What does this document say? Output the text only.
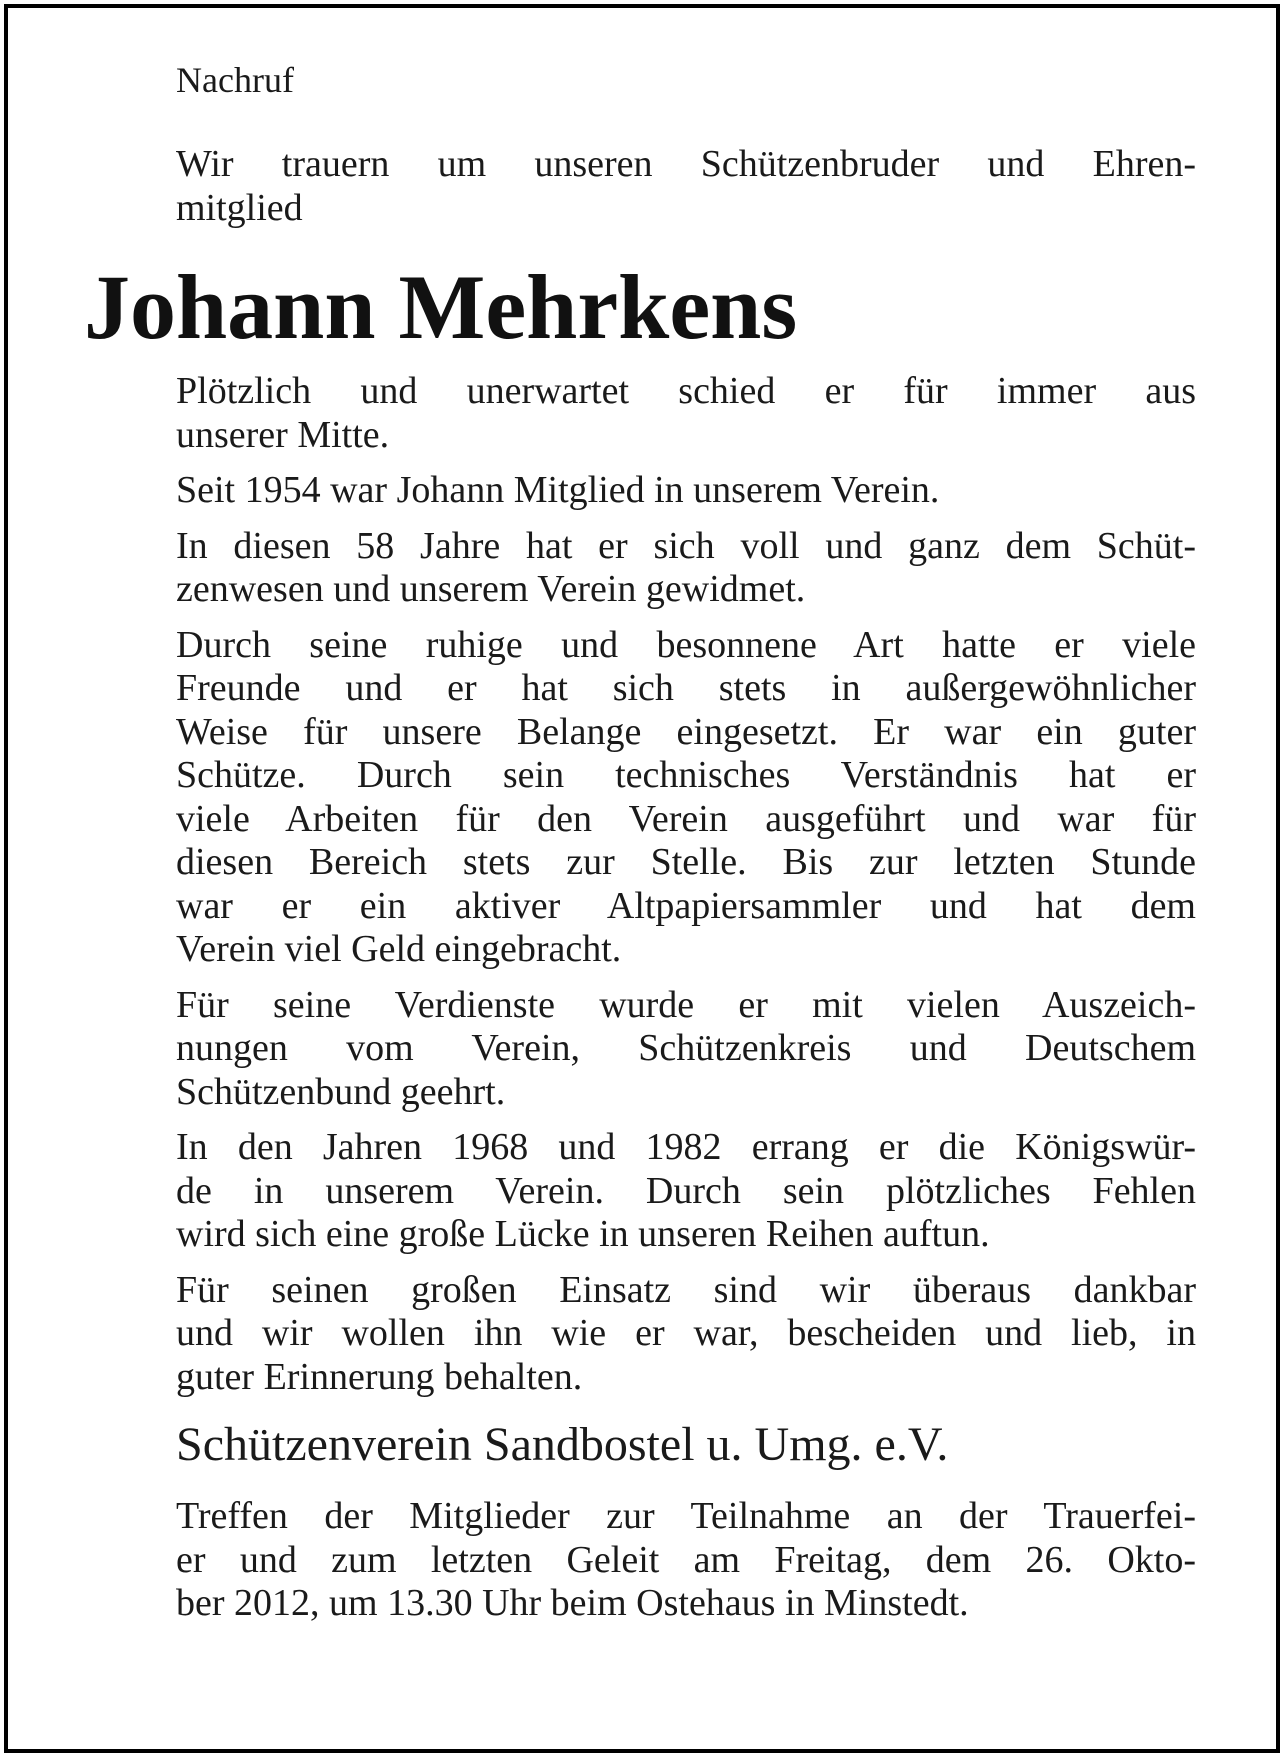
Nachruf

Wir trauern um unseren Schützenbruder und Ehren-
mitglied

Johann Mehrkens

Plötzlich und unerwartet schied er für immer aus
unserer Mitte.

Seit 1954 war Johann Mitglied in unserem Verein.

In diesen 58 Jahre hat er sich voll und ganz dem Schüt-
zenwesen und unserem Verein gewidmet.

Durch seine ruhige und besonnene Art hatte er viele
Freunde und er hat sich stets in außergewöhnlicher
Weise für unsere Belange eingesetzt. Er war ein guter
Schütze. Durch sein technisches Verständnis hat er
viele Arbeiten für den Verein ausgeführt und war für
diesen Bereich stets zur Stelle. Bis zur letzten Stunde
war er ein aktiver Altpapiersammler und hat dem
Verein viel Geld eingebracht.

Für seine Verdienste wurde er mit vielen Auszeich-
nungen vom Verein, Schützenkreis und Deutschem
Schützenbund geehrt.

In den Jahren 1968 und 1982 errang er die Königswür-
de in unserem Verein. Durch sein plötzliches Fehlen
wird sich eine große Lücke in unseren Reihen auftun.

Für seinen großen Einsatz sind wir überaus dankbar
und wir wollen ihn wie er war, bescheiden und lieb, in
guter Erinnerung behalten.

Schützenverein Sandbostel u. Umg. e.V.

Treffen der Mitglieder zur Teilnahme an der Trauerfei-
er und zum letzten Geleit am Freitag, dem 26. Okto-
ber 2012, um 13.30 Uhr beim Ostehaus in Minstedt.
